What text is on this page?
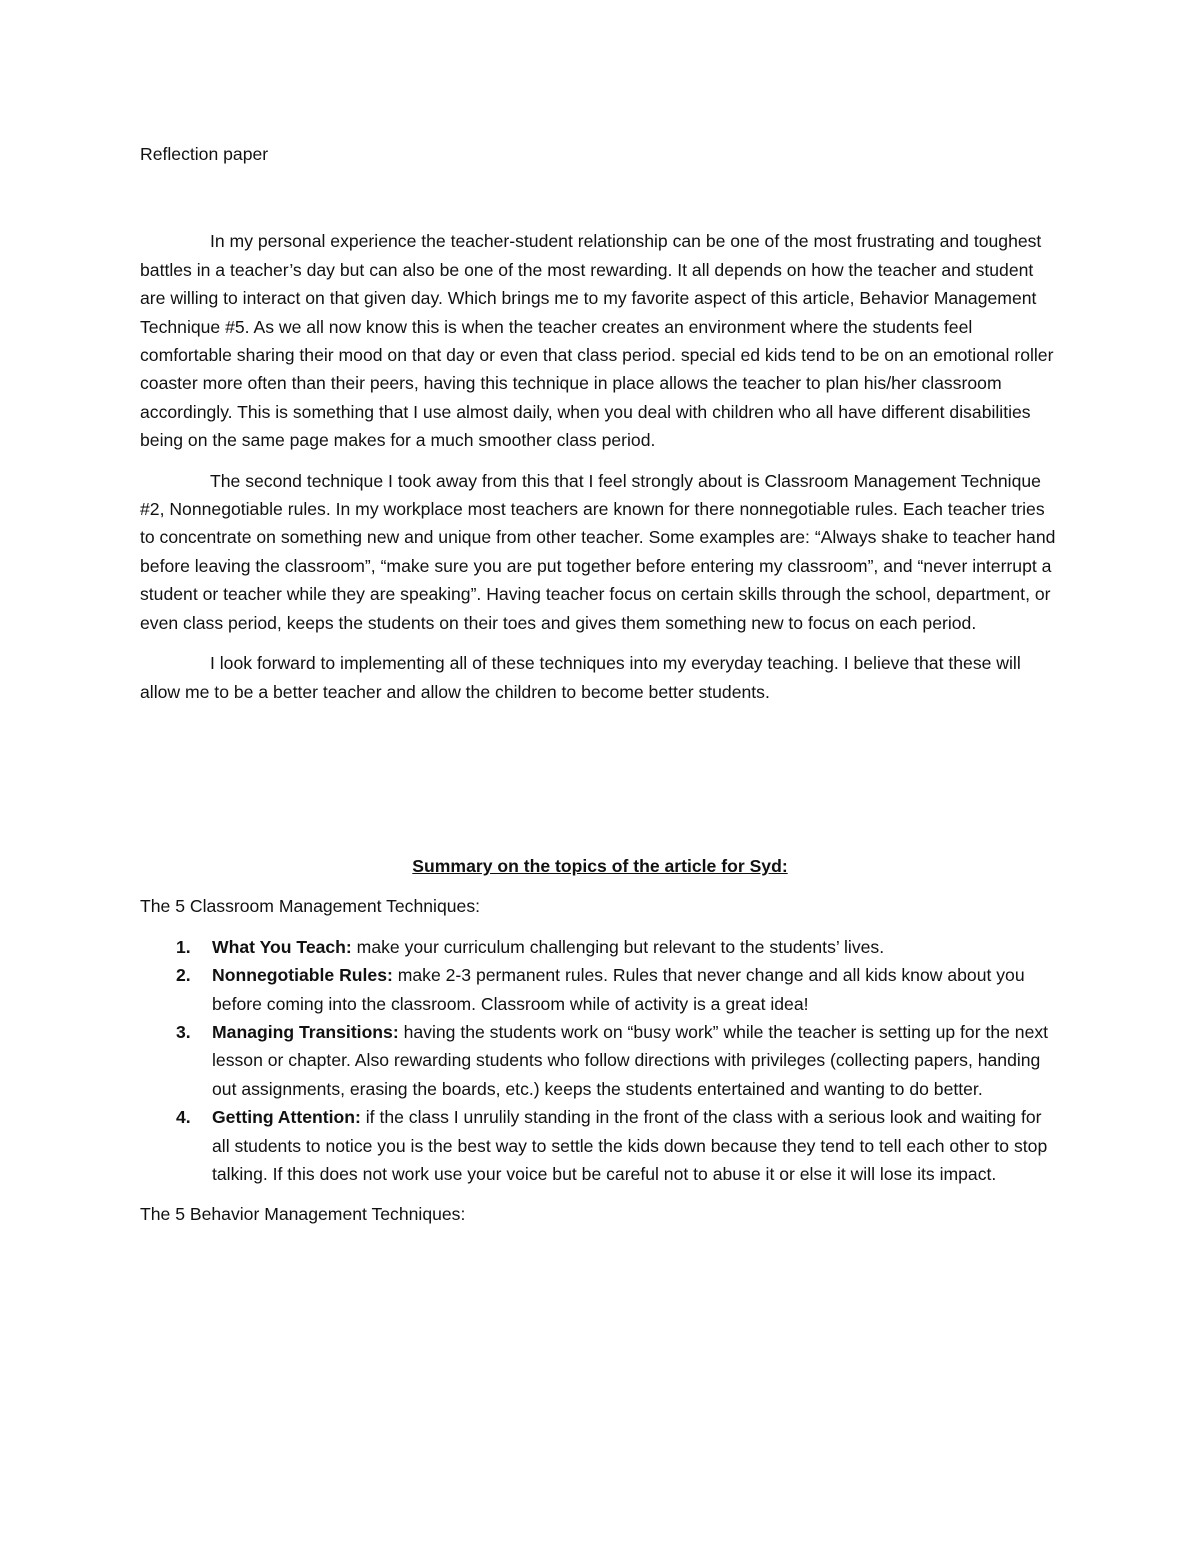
Reflection paper

In my personal experience the teacher-student relationship can be one of the most frustrating and toughest battles in a teacher’s day but can also be one of the most rewarding. It all depends on how the teacher and student are willing to interact on that given day. Which brings me to my favorite aspect of this article, Behavior Management Technique #5. As we all now know this is when the teacher creates an environment where the students feel comfortable sharing their mood on that day or even that class period. special ed kids tend to be on an emotional roller coaster more often than their peers, having this technique in place allows the teacher to plan his/her classroom accordingly. This is something that I use almost daily, when you deal with children who all have different disabilities being on the same page makes for a much smoother class period.

The second technique I took away from this that I feel strongly about is Classroom Management Technique #2, Nonnegotiable rules. In my workplace most teachers are known for there nonnegotiable rules. Each teacher tries to concentrate on something new and unique from other teacher. Some examples are: “Always shake to teacher hand before leaving the classroom”, “make sure you are put together before entering my classroom”, and “never interrupt a student or teacher while they are speaking”. Having teacher focus on certain skills through the school, department, or even class period, keeps the students on their toes and gives them something new to focus on each period.

I look forward to implementing all of these techniques into my everyday teaching. I believe that these will allow me to be a better teacher and allow the children to become better students.

Summary on the topics of the article for Syd:

The 5 Classroom Management Techniques:

1. What You Teach: make your curriculum challenging but relevant to the students’ lives.
2. Nonnegotiable Rules: make 2-3 permanent rules. Rules that never change and all kids know about you before coming into the classroom. Classroom while of activity is a great idea!
3. Managing Transitions: having the students work on “busy work” while the teacher is setting up for the next lesson or chapter. Also rewarding students who follow directions with privileges (collecting papers, handing out assignments, erasing the boards, etc.) keeps the students entertained and wanting to do better.
4. Getting Attention: if the class I unrulily standing in the front of the class with a serious look and waiting for all students to notice you is the best way to settle the kids down because they tend to tell each other to stop talking. If this does not work use your voice but be careful not to abuse it or else it will lose its impact.

The 5 Behavior Management Techniques:
